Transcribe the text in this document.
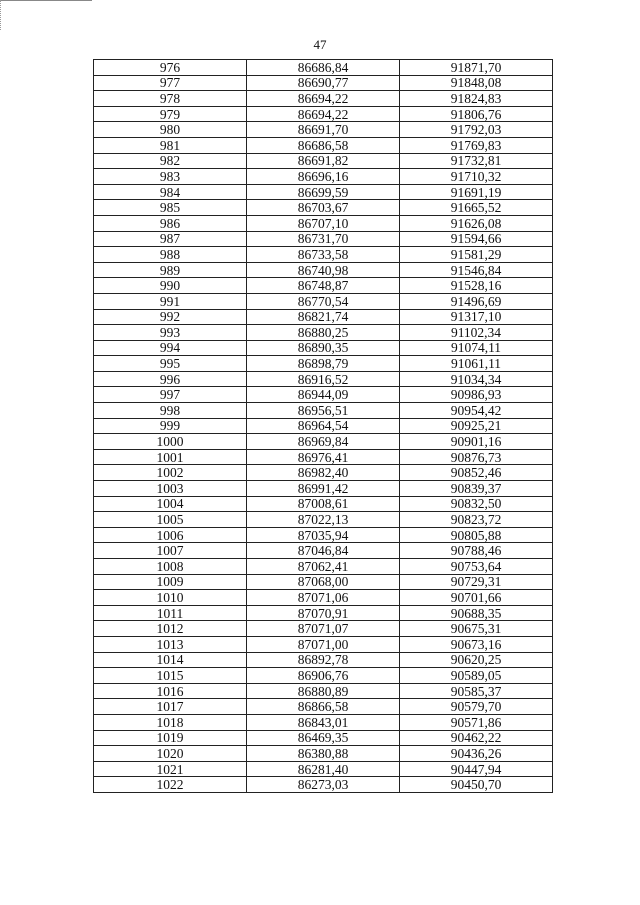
47
976	86686,84	91871,70
977	86690,77	91848,08
978	86694,22	91824,83
979	86694,22	91806,76
980	86691,70	91792,03
981	86686,58	91769,83
982	86691,82	91732,81
983	86696,16	91710,32
984	86699,59	91691,19
985	86703,67	91665,52
986	86707,10	91626,08
987	86731,70	91594,66
988	86733,58	91581,29
989	86740,98	91546,84
990	86748,87	91528,16
991	86770,54	91496,69
992	86821,74	91317,10
993	86880,25	91102,34
994	86890,35	91074,11
995	86898,79	91061,11
996	86916,52	91034,34
997	86944,09	90986,93
998	86956,51	90954,42
999	86964,54	90925,21
1000	86969,84	90901,16
1001	86976,41	90876,73
1002	86982,40	90852,46
1003	86991,42	90839,37
1004	87008,61	90832,50
1005	87022,13	90823,72
1006	87035,94	90805,88
1007	87046,84	90788,46
1008	87062,41	90753,64
1009	87068,00	90729,31
1010	87071,06	90701,66
1011	87070,91	90688,35
1012	87071,07	90675,31
1013	87071,00	90673,16
1014	86892,78	90620,25
1015	86906,76	90589,05
1016	86880,89	90585,37
1017	86866,58	90579,70
1018	86843,01	90571,86
1019	86469,35	90462,22
1020	86380,88	90436,26
1021	86281,40	90447,94
1022	86273,03	90450,70
